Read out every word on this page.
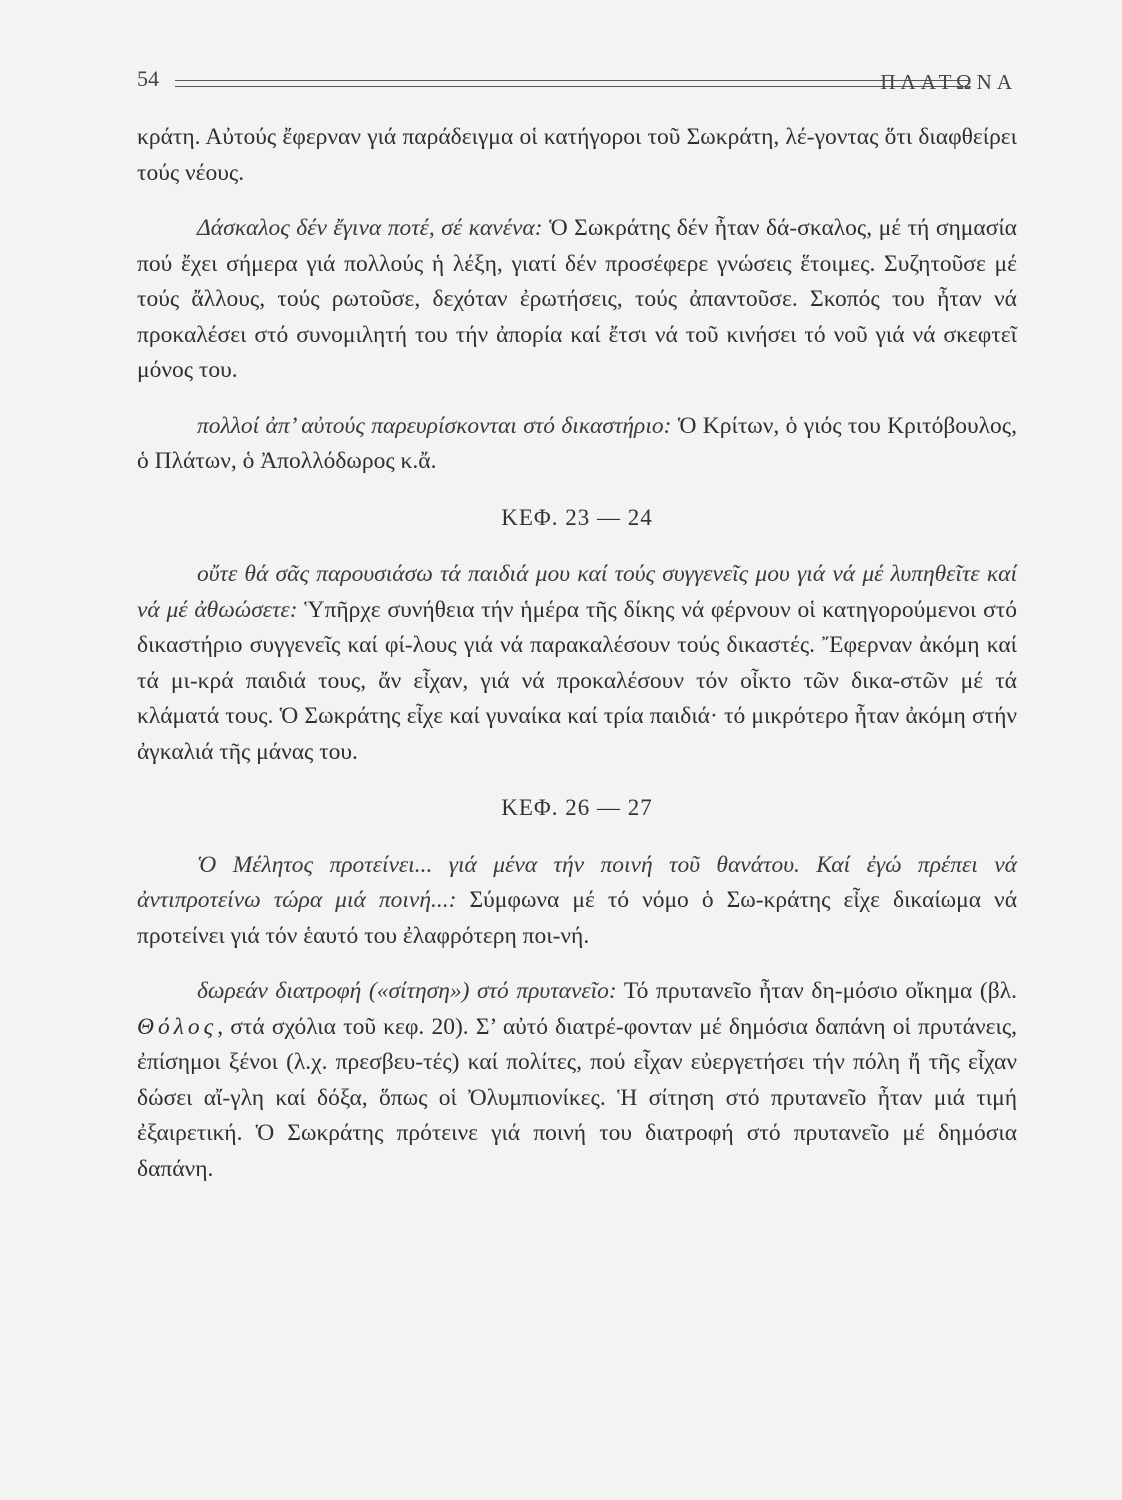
54	ΠΛΑΤΩΝΑ

κράτη. Αὐτούς ἔφερναν γιά παράδειγμα οἱ κατήγοροι τοῦ Σωκράτη, λέ-γοντας ὅτι διαφθείρει τούς νέους.

Δάσκαλος δέν ἔγινα ποτέ, σέ κανένα: Ὁ Σωκράτης δέν ἦταν δά-σκαλος, μέ τή σημασία πού ἔχει σήμερα γιά πολλούς ἡ λέξη, γιατί δέν προσέφερε γνώσεις ἕτοιμες. Συζητοῦσε μέ τούς ἄλλους, τούς ρωτοῦσε, δεχόταν ἐρωτήσεις, τούς ἀπαντοῦσε. Σκοπός του ἦταν νά προκαλέσει στό συνομιλητή του τήν ἀπορία καί ἔτσι νά τοῦ κινήσει τό νοῦ γιά νά σκεφτεῖ μόνος του.

πολλοί ἀπ’ αὐτούς παρευρίσκονται στό δικαστήριο: Ὁ Κρίτων, ὁ γιός του Κριτόβουλος, ὁ Πλάτων, ὁ Ἀπολλόδωρος κ.ἄ.

ΚΕΦ. 23 — 24

οὔτε θά σᾶς παρουσιάσω τά παιδιά μου καί τούς συγγενεῖς μου γιά νά μέ λυπηθεῖτε καί νά μέ ἀθωώσετε: Ὑπῆρχε συνήθεια τήν ἡμέρα τῆς δίκης νά φέρνουν οἱ κατηγορούμενοι στό δικαστήριο συγγενεῖς καί φί-λους γιά νά παρακαλέσουν τούς δικαστές. Ἔφερναν ἀκόμη καί τά μι-κρά παιδιά τους, ἄν εἶχαν, γιά νά προκαλέσουν τόν οἶκτο τῶν δικα-στῶν μέ τά κλάματά τους. Ὁ Σωκράτης εἶχε καί γυναίκα καί τρία παιδιά· τό μικρότερο ἦταν ἀκόμη στήν ἀγκαλιά τῆς μάνας του.

ΚΕΦ. 26 — 27

Ὁ Μέλητος προτείνει... γιά μένα τήν ποινή τοῦ θανάτου. Καί ἐγώ πρέπει νά ἀντιπροτείνω τώρα μιά ποινή...: Σύμφωνα μέ τό νόμο ὁ Σω-κράτης εἶχε δικαίωμα νά προτείνει γιά τόν ἑαυτό του ἐλαφρότερη ποι-νή.

δωρεάν διατροφή («σίτηση») στό πρυτανεῖο: Τό πρυτανεῖο ἦταν δη-μόσιο οἴκημα (βλ. Θόλος, στά σχόλια τοῦ κεφ. 20). Σ’ αὐτό διατρέ-φονταν μέ δημόσια δαπάνη οἱ πρυτάνεις, ἐπίσημοι ξένοι (λ.χ. πρεσβευ-τές) καί πολίτες, πού εἶχαν εὐεργετήσει τήν πόλη ἤ τῆς εἶχαν δώσει αἴ-γλη καί δόξα, ὅπως οἱ Ὀλυμπιονίκες. Ἡ σίτηση στό πρυτανεῖο ἦταν μιά τιμή ἐξαιρετική. Ὁ Σωκράτης πρότεινε γιά ποινή του διατροφή στό πρυτανεῖο μέ δημόσια δαπάνη.
